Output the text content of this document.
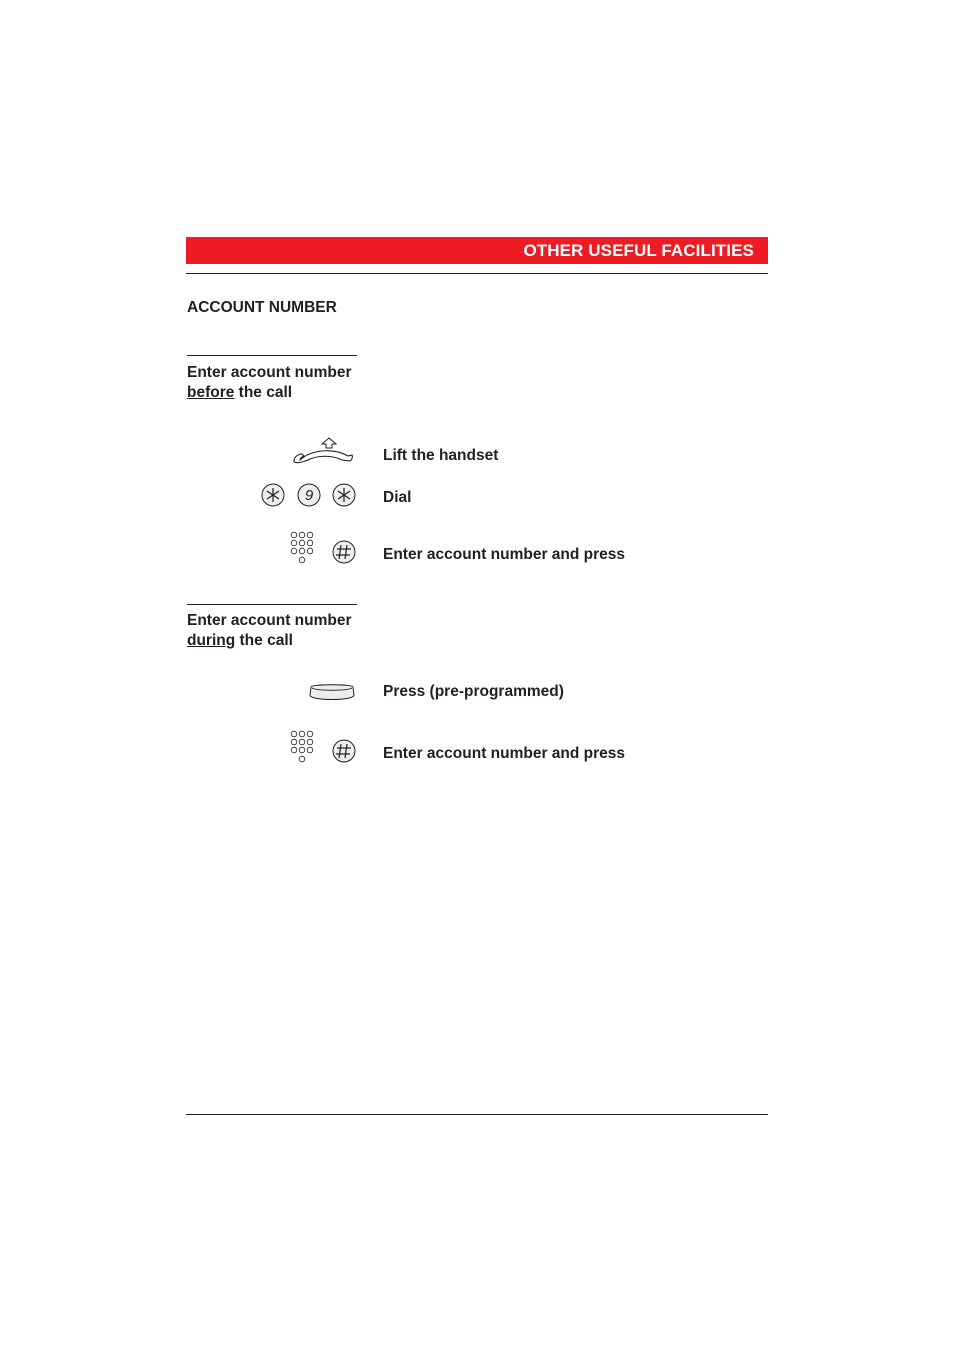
OTHER USEFUL FACILITIES
ACCOUNT NUMBER
Enter account number
before the call
Lift the handset
9	Dial
Enter account number and press
Enter account number
during the call
Press (pre-programmed)
Enter account number and press
